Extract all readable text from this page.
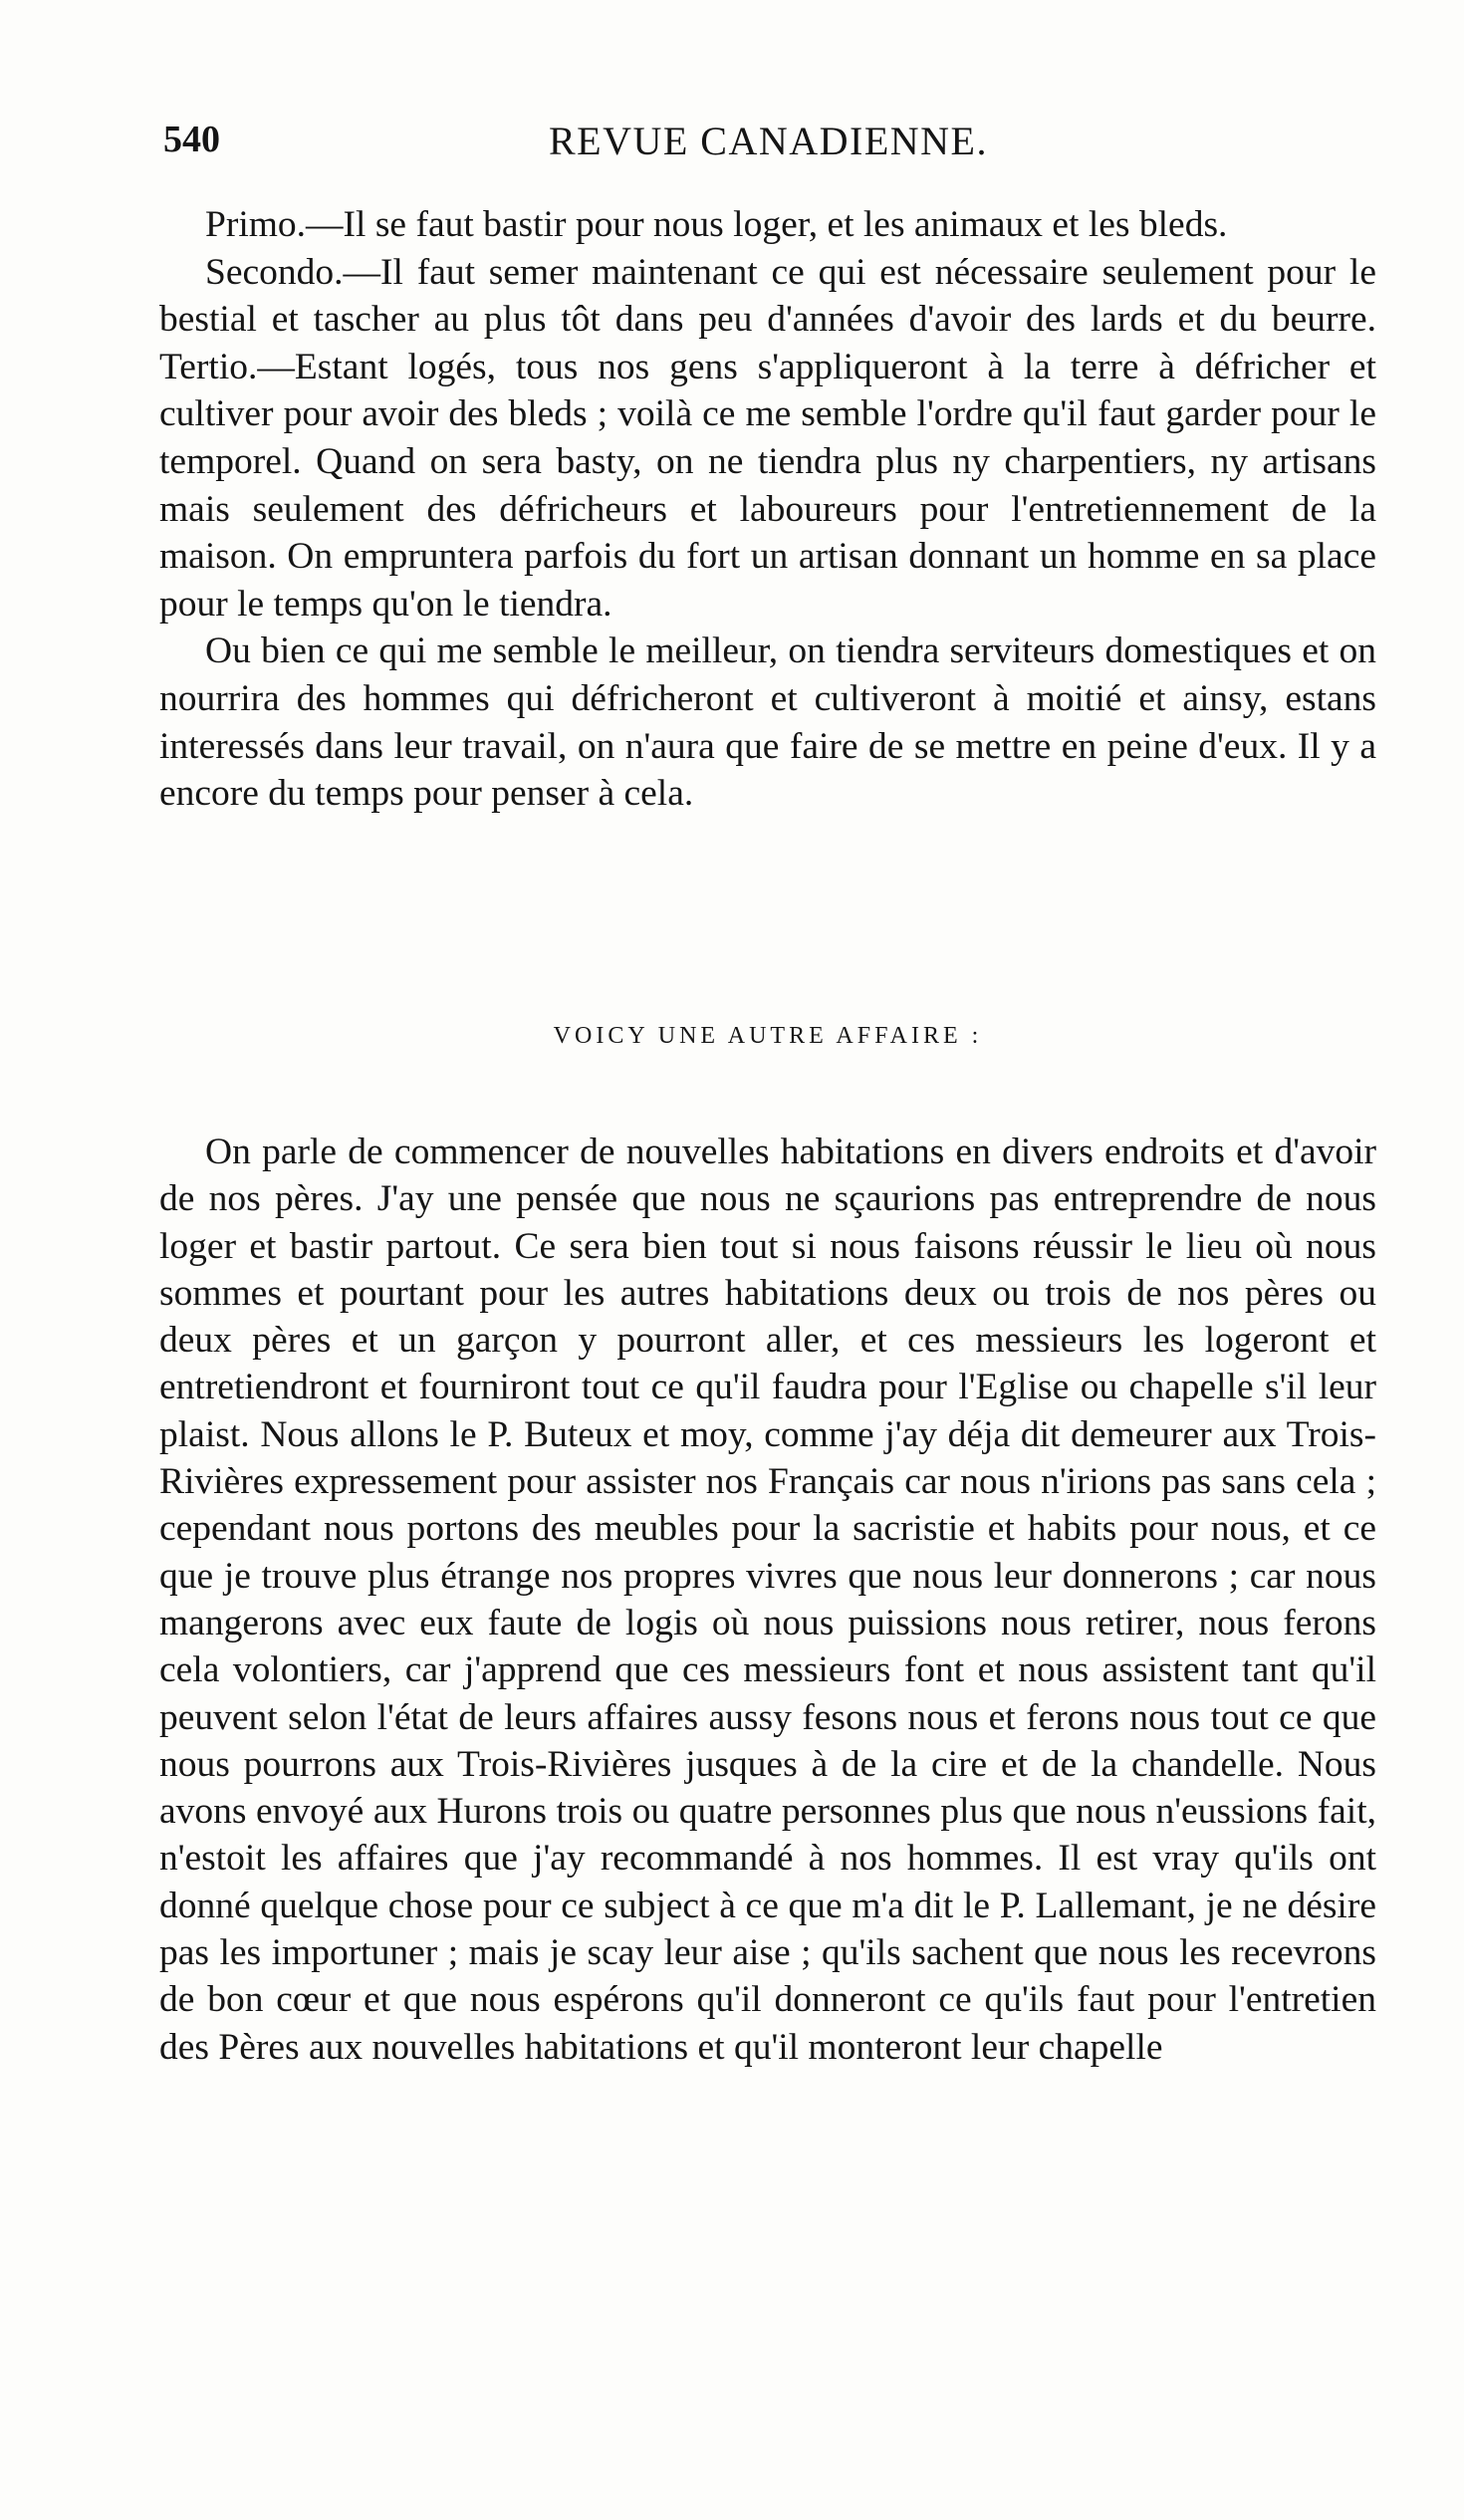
540	REVUE CANADIENNE.

Primo.—Il se faut bastir pour nous loger, et les animaux et les bleds.

Secondo.—Il faut semer maintenant ce qui est nécessaire seulement pour le bestial et tascher au plus tôt dans peu d'années d'avoir des lards et du beurre. Tertio.—Estant logés, tous nos gens s'appliqueront à la terre à défricher et cultiver pour avoir des bleds ; voilà ce me semble l'ordre qu'il faut garder pour le temporel. Quand on sera basty, on ne tiendra plus ny charpentiers, ny artisans mais seulement des défricheurs et laboureurs pour l'entretiennement de la maison. On empruntera parfois du fort un artisan donnant un homme en sa place pour le temps qu'on le tiendra.

Ou bien ce qui me semble le meilleur, on tiendra serviteurs domestiques et on nourrira des hommes qui défricheront et cultiveront à moitié et ainsy, estans interessés dans leur travail, on n'aura que faire de se mettre en peine d'eux. Il y a encore du temps pour penser à cela.

VOICY UNE AUTRE AFFAIRE :

On parle de commencer de nouvelles habitations en divers endroits et d'avoir de nos pères. J'ay une pensée que nous ne sçaurions pas entreprendre de nous loger et bastir partout. Ce sera bien tout si nous faisons réussir le lieu où nous sommes et pourtant pour les autres habitations deux ou trois de nos pères ou deux pères et un garçon y pourront aller, et ces messieurs les logeront et entretiendront et fourniront tout ce qu'il faudra pour l'Eglise ou chapelle s'il leur plaist. Nous allons le P. Buteux et moy, comme j'ay déja dit demeurer aux Trois-Rivières expressement pour assister nos Français car nous n'irions pas sans cela ; cependant nous portons des meubles pour la sacristie et habits pour nous, et ce que je trouve plus étrange nos propres vivres que nous leur donnerons ; car nous mangerons avec eux faute de logis où nous puissions nous retirer, nous ferons cela volontiers, car j'apprend que ces messieurs font et nous assistent tant qu'il peuvent selon l'état de leurs affaires aussy fesons nous et ferons nous tout ce que nous pourrons aux Trois-Rivières jusques à de la cire et de la chandelle. Nous avons envoyé aux Hurons trois ou quatre personnes plus que nous n'eussions fait, n'estoit les affaires que j'ay recommandé à nos hommes. Il est vray qu'ils ont donné quelque chose pour ce subject à ce que m'a dit le P. Lallemant, je ne désire pas les importuner ; mais je scay leur aise ; qu'ils sachent que nous les recevrons de bon cœur et que nous espérons qu'il donneront ce qu'ils faut pour l'entretien des Pères aux nouvelles habitations et qu'il monteront leur chapelle
